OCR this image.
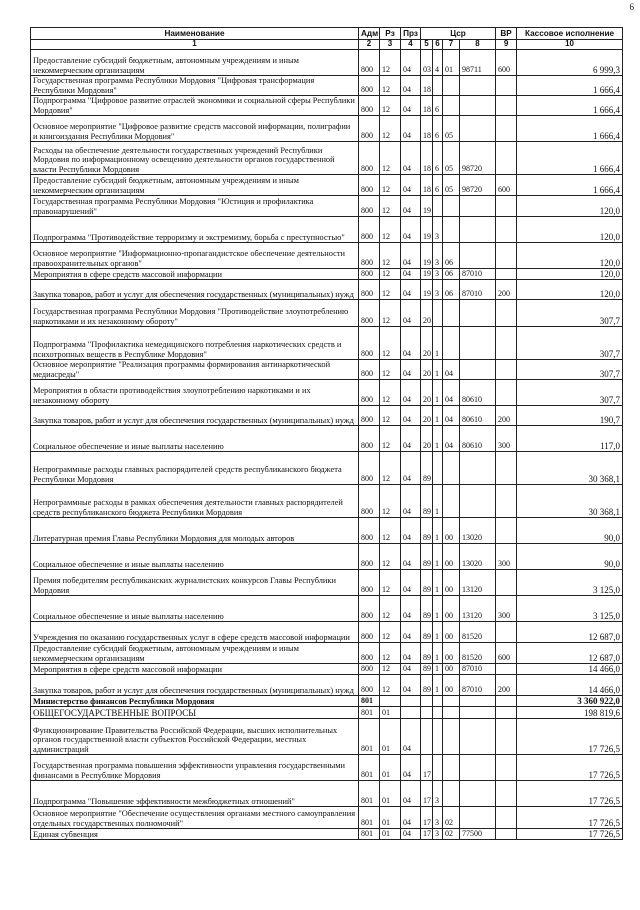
6
Наименование	Адм	Рз	Прз	Цср				ВР	Кассовое исполнение
1	2	3	4	5	6	7	8	9	10
Предоставление субсидий бюджетным, автономным учреждениям и иным некоммерческим организациям	800	12	04	03	4	01	98711	600	6 999,3
Государственная программа Республики Мордовия "Цифровая трансформация Республики Мордовия"	800	12	04	18					1 666,4
Подпрограмма "Цифровое развитие отраслей экономики и социальной сферы Республики Мордовия"	800	12	04	18	6				1 666,4
Основное мероприятие "Цифровое развитие средств массовой информации, полиграфии и книгоиздания Республики Мордовия"	800	12	04	18	6	05			1 666,4
Расходы на обеспечение деятельности государственных учреждений Республики Мордовия по информационному освещению деятельности органов государственной власти Республики Мордовия	800	12	04	18	6	05	98720		1 666,4
Предоставление субсидий бюджетным, автономным учреждениям и иным некоммерческим организациям	800	12	04	18	6	05	98720	600	1 666,4
Государственная программа Республики Мордовия "Юстиция и профилактика правонарушений"	800	12	04	19					120,0
Подпрограмма "Противодействие терроризму и экстремизму, борьба с преступностью"	800	12	04	19	3				120,0
Основное мероприятие "Информационно-пропагандистское обеспечение деятельности правоохранительных органов"	800	12	04	19	3	06			120,0
Мероприятия в сфере средств массовой информации	800	12	04	19	3	06	87010		120,0
Закупка товаров, работ и услуг для обеспечения государственных (муниципальных) нужд	800	12	04	19	3	06	87010	200	120,0
Государственная программа Республики Мордовия "Противодействие злоупотреблению наркотиками и их незаконному обороту"	800	12	04	20					307,7
Подпрограмма "Профилактика немедицинского потребления наркотических средств и психотропных веществ в Республике Мордовия"	800	12	04	20	1				307,7
Основное мероприятие "Реализация программы формирования антинаркотической медиасреды"	800	12	04	20	1	04			307,7
Мероприятия в области противодействия злоупотреблению наркотиками и их незаконному обороту	800	12	04	20	1	04	80610		307,7
Закупка товаров, работ и услуг для обеспечения государственных (муниципальных) нужд	800	12	04	20	1	04	80610	200	190,7
Социальное обеспечение и иные выплаты населению	800	12	04	20	1	04	80610	300	117,0
Непрограммные расходы главных распорядителей средств республиканского бюджета Республики Мордовия	800	12	04	89					30 368,1
Непрограммные расходы в рамках обеспечения деятельности главных распорядителей средств республиканского бюджета Республики Мордовия	800	12	04	89	1				30 368,1
Литературная премия Главы Республики Мордовия для молодых авторов	800	12	04	89	1	00	13020		90,0
Социальное обеспечение и иные выплаты населению	800	12	04	89	1	00	13020	300	90,0
Премия победителям республиканских журналистских конкурсов Главы Республики Мордовия	800	12	04	89	1	00	13120		3 125,0
Социальное обеспечение и иные выплаты населению	800	12	04	89	1	00	13120	300	3 125,0
Учреждения по оказанию государственных услуг в сфере средств массовой информации	800	12	04	89	1	00	81520		12 687,0
Предоставление субсидий бюджетным, автономным учреждениям и иным некоммерческим организациям	800	12	04	89	1	00	81520	600	12 687,0
Мероприятия в сфере средств массовой информации	800	12	04	89	1	00	87010		14 466,0
Закупка товаров, работ и услуг для обеспечения государственных (муниципальных) нужд	800	12	04	89	1	00	87010	200	14 466,0
Министерство финансов Республики Мордовия	801								3 360 922,0
ОБЩЕГОСУДАРСТВЕННЫЕ ВОПРОСЫ	801	01							198 819,6
Функционирование Правительства Российской Федерации, высших исполнительных органов государственной власти субъектов Российской Федерации, местных администраций	801	01	04						17 726,5
Государственная программа повышения эффективности управления государственными финансами в Республике Мордовия	801	01	04	17					17 726,5
Подпрограмма "Повышение эффективности межбюджетных отношений"	801	01	04	17	3				17 726,5
Основное мероприятие "Обеспечение осуществления органами местного самоуправления отдельных государственных полномочий"	801	01	04	17	3	02			17 726,5
Единая субвенция	801	01	04	17	3	02	77500		17 726,5
